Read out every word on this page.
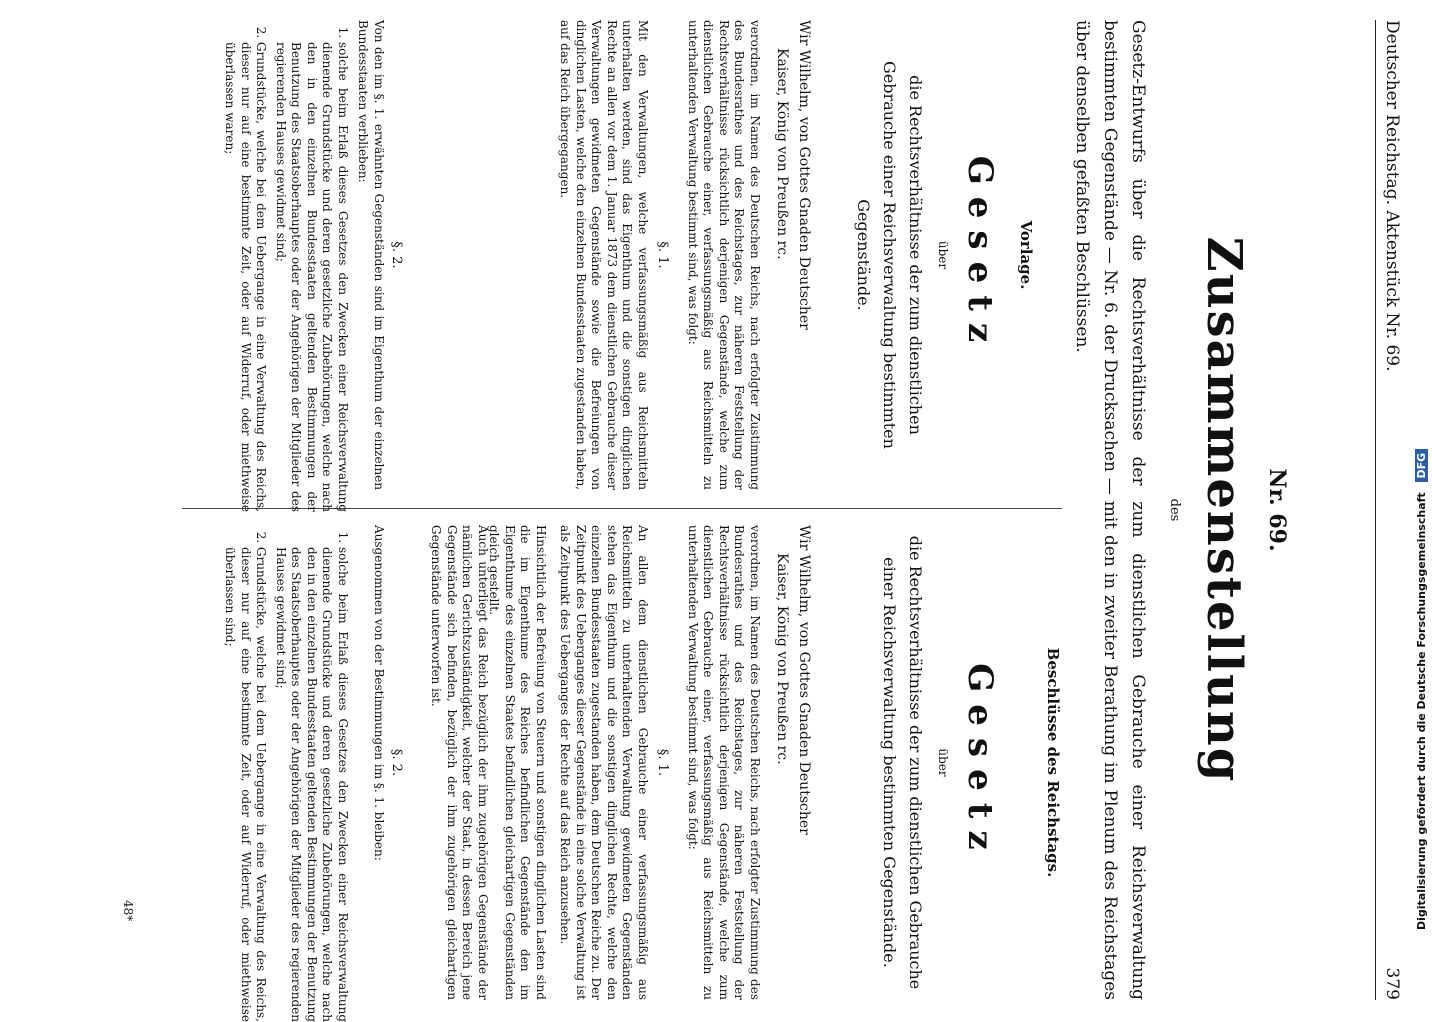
Deutscher Reichstag. Aktenstück Nr. 69.
379
Nr. 69.
Zusammenstellung
des
Gesetz-Entwurfs über die Rechtsverhältnisse der zum dienstlichen Gebrauche einer Reichsverwaltung bestimmten Gegenstände — Nr. 6. der Drucksachen — mit den in zweiter Berathung im Plenum des Reichstages über denselben gefaßten Beschlüssen.
Vorlage.
Gesetz
über
die Rechtsverhältnisse der zum dienstlichen Gebrauche einer Reichsverwaltung bestimmten Gegenstände.
Wir Wilhelm, von Gottes Gnaden Deutscher
Kaiser, König von Preußen rc.
verordnen, im Namen des Deutschen Reichs, nach erfolgter Zustimmung des Bundesrathes und des Reichstages, zur näheren Feststellung der Rechtsverhältnisse rücksichtlich derjenigen Gegenstände, welche zum dienstlichen Gebrauche einer, verfassungsmäßig aus Reichsmitteln zu unterhaltenden Verwaltung bestimmt sind, was folgt:
§. 1.
Mit den Verwaltungen, welche verfassungsmäßig aus Reichsmitteln unterhalten werden, sind das Eigenthum und die sonstigen dinglichen Rechte an allen vor dem 1. Januar 1873 dem dienstlichen Gebrauche dieser Verwaltungen gewidmeten Gegenstände sowie die Befreiungen von dinglichen Lasten, welche den einzelnen Bundesstaaten zugestanden haben, auf das Reich übergegangen.
§. 2.
Von den im §. 1. erwähnten Gegenständen sind im Eigenthum der einzelnen Bundesstaaten verblieben:
1. solche beim Erlaß dieses Gesetzes den Zwecken einer Reichsverwaltung dienende Grundstücke und deren gesetzliche Zubehörungen, welche nach den in den einzelnen Bundesstaaten geltenden Bestimmungen der Benutzung des Staatsoberhauptes oder der Angehörigen der Mitglieder des regierenden Hauses gewidmet sind;
2. Grundstücke, welche bei dem Uebergange in eine Verwaltung des Reichs, dieser nur auf eine bestimmte Zeit, oder auf Widerruf, oder miethweise überlassen waren;
Beschlüsse des Reichstags.
Gesetz
über
die Rechtsverhältnisse der zum dienstlichen Gebrauche einer Reichsverwaltung bestimmten Gegenstände.
Wir Wilhelm, von Gottes Gnaden Deutscher
Kaiser, König von Preußen rc.
verordnen, im Namen des Deutschen Reichs, nach erfolgter Zustimmung des Bundesrathes und des Reichstages, zur näheren Feststellung der Rechtsverhältnisse rücksichtlich derjenigen Gegenstände, welche zum dienstlichen Gebrauche einer, verfassungsmäßig aus Reichsmitteln zu unterhaltenden Verwaltung bestimmt sind, was folgt:
§. 1.
An allen dem dienstlichen Gebrauche einer verfassungsmäßig aus Reichsmitteln zu unterhaltenden Verwaltung gewidmeten Gegenständen stehen das Eigenthum und die sonstigen dinglichen Rechte, welche den einzelnen Bundesstaaten zugestanden haben, dem Deutschen Reiche zu. Der Zeitpunkt des Ueberganges dieser Gegenstände in eine solche Verwaltung ist als Zeitpunkt des Ueberganges der Rechte auf das Reich anzusehen.
Hinsichtlich der Befreiung von Steuern und sonstigen dinglichen Lasten sind die im Eigenthume des Reiches befindlichen Gegenstände den im Eigenthume des einzelnen Staates befindlichen gleichartigen Gegenständen gleich gestellt.
Auch unterliegt das Reich bezüglich der ihm zugehörigen Gegenstände der nämlichen Gerichtszuständigkeit, welcher der Staat, in dessen Bereich jene Gegenstände sich befinden, bezüglich der ihm zugehörigen gleichartigen Gegenstände unterworfen ist.
§. 2.
Ausgenommen von der Bestimmungen im §. 1. bleiben:
1. solche beim Erlaß dieses Gesetzes den Zwecken einer Reichsverwaltung dienende Grundstücke und deren gesetzliche Zubehörungen, welche nach den in den einzelnen Bundesstaaten geltenden Bestimmungen der Benutzung des Staatsoberhauptes oder der Angehörigen der Mitglieder des regierenden Hauses gewidmet sind;
2. Grundstücke, welche bei dem Uebergange in eine Verwaltung des Reichs, dieser nur auf eine bestimmte Zeit, oder auf Widerruf, oder miethweise überlassen sind;
48*	Digitalisierung gefördert durch die Deutsche Forschungsgemeinschaft DFG
